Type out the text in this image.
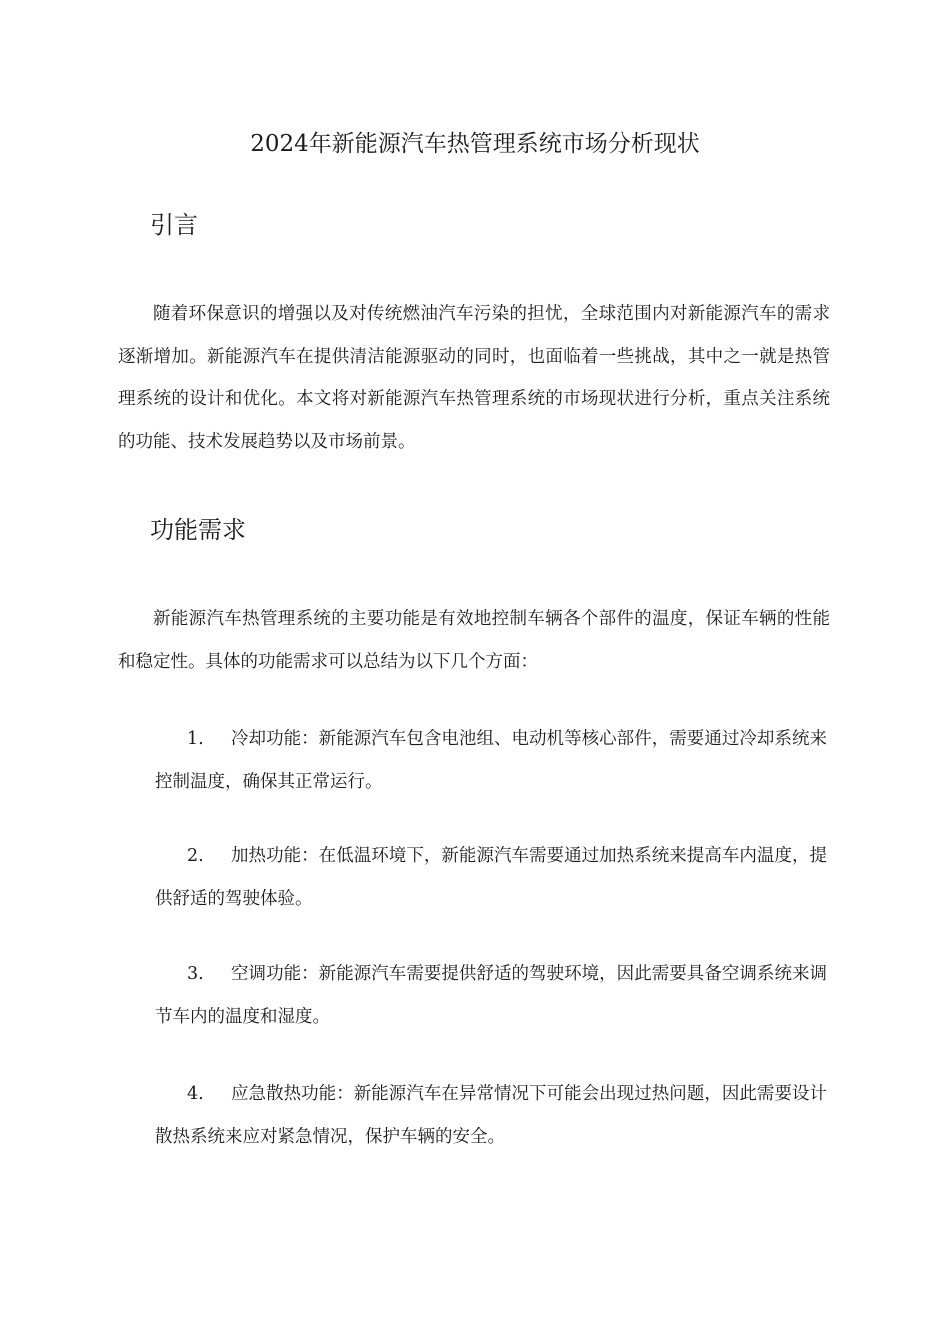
2024年新能源汽车热管理系统市场分析现状
引言
随着环保意识的增强以及对传统燃油汽车污染的担忧，全球范围内对新能源汽车的需求逐渐增加。新能源汽车在提供清洁能源驱动的同时，也面临着一些挑战，其中之一就是热管理系统的设计和优化。本文将对新能源汽车热管理系统的市场现状进行分析，重点关注系统的功能、技术发展趋势以及市场前景。
功能需求
新能源汽车热管理系统的主要功能是有效地控制车辆各个部件的温度，保证车辆的性能和稳定性。具体的功能需求可以总结为以下几个方面：
1. 冷却功能：新能源汽车包含电池组、电动机等核心部件，需要通过冷却系统来控制温度，确保其正常运行。
2. 加热功能：在低温环境下，新能源汽车需要通过加热系统来提高车内温度，提供舒适的驾驶体验。
3. 空调功能：新能源汽车需要提供舒适的驾驶环境，因此需要具备空调系统来调节车内的温度和湿度。
4. 应急散热功能：新能源汽车在异常情况下可能会出现过热问题，因此需要设计散热系统来应对紧急情况，保护车辆的安全。
